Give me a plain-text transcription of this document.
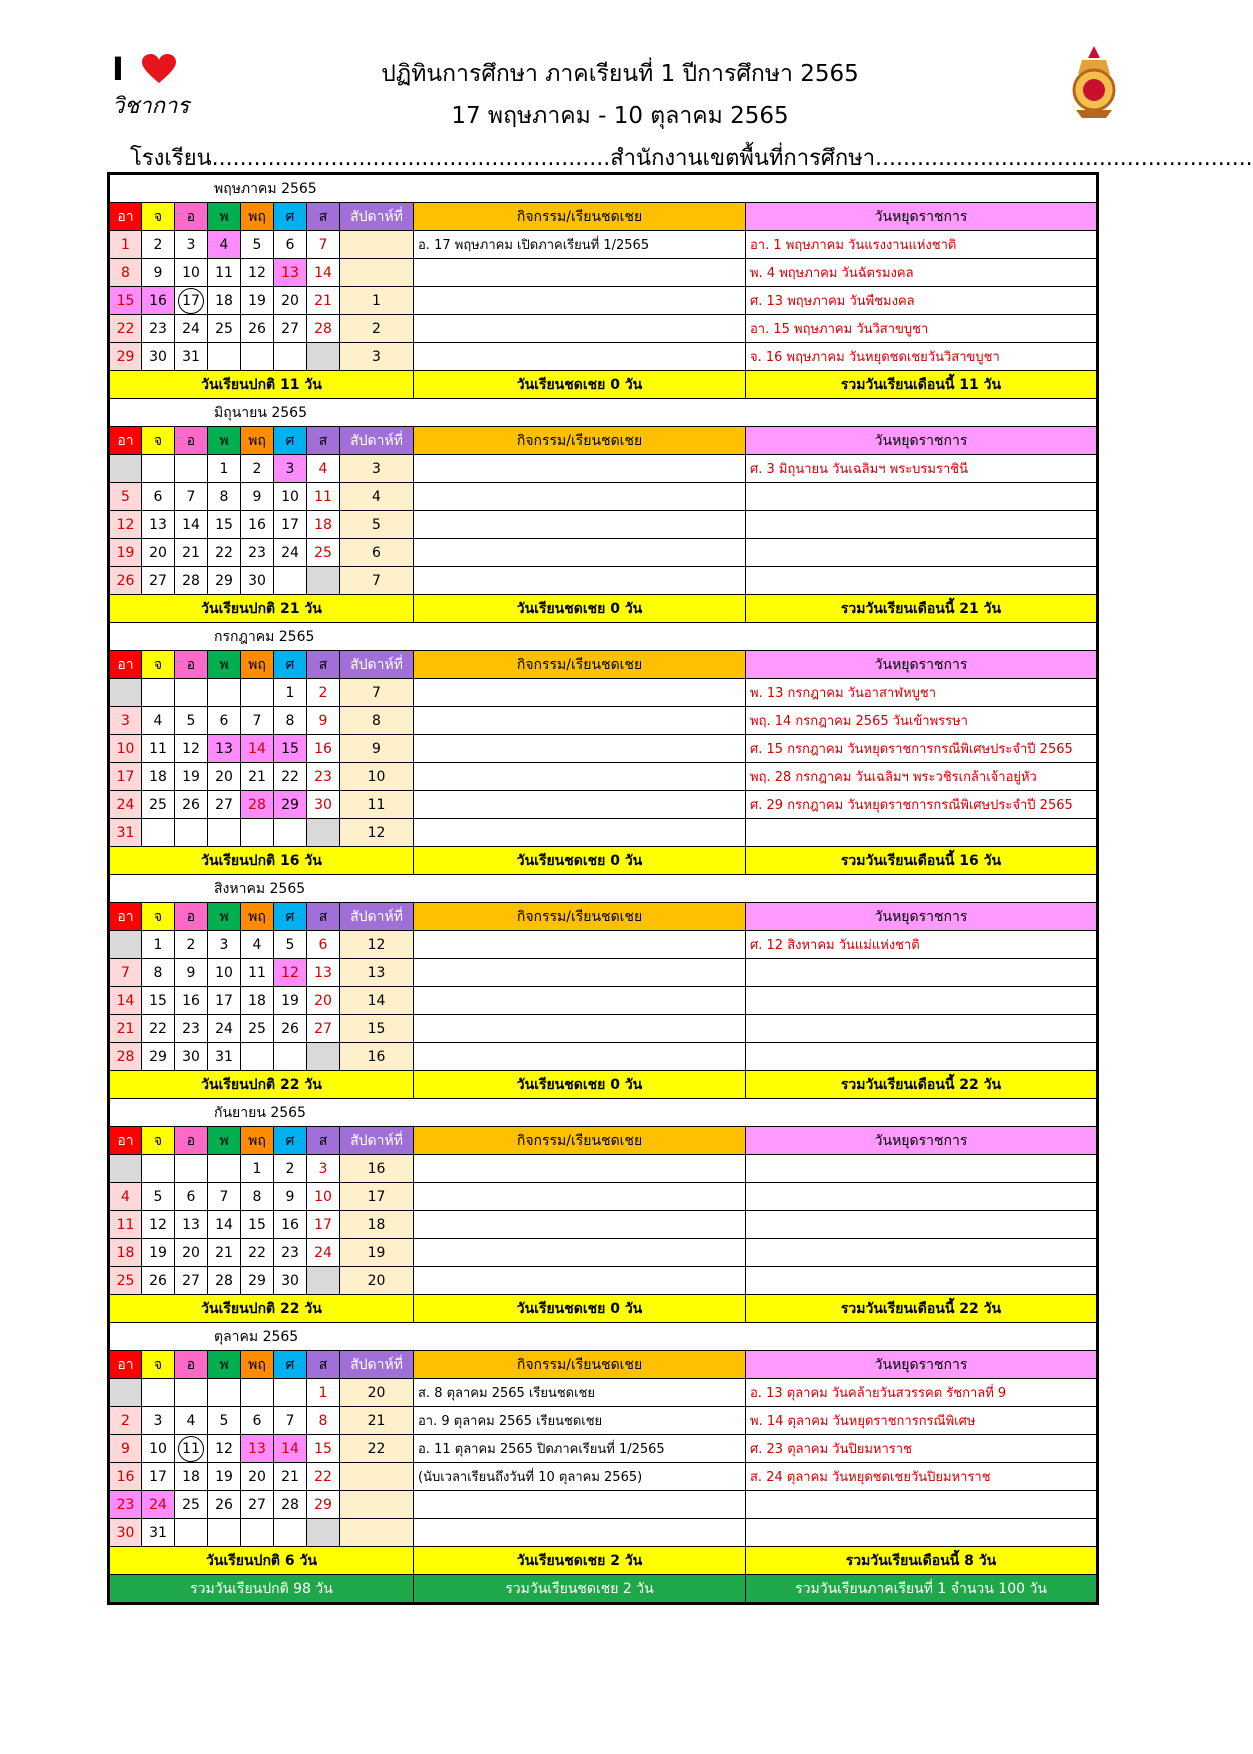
I
วิชาการ
ปฏิทินการศึกษา ภาคเรียนที่ 1 ปีการศึกษา 2565
17 พฤษภาคม - 10 ตุลาคม 2565
โรงเรียน.........................................................สำนักงานเขตพื้นที่การศึกษา......................................................
พฤษภาคม 2565									
อา	จ	อ	พ	พฤ	ศ	ส	สัปดาห์ที่	กิจกรรม/เรียนชดเชย	วันหยุดราชการ
1	2	3	4	5	6	7		อ. 17 พฤษภาคม เปิดภาคเรียนที่ 1/2565	อา. 1 พฤษภาคม วันแรงงานแห่งชาติ
8	9	10	11	12	13	14			พ. 4 พฤษภาคม วันฉัตรมงคล
15	16	17	18	19	20	21	1		ศ. 13 พฤษภาคม วันพืชมงคล
22	23	24	25	26	27	28	2		อา. 15 พฤษภาคม วันวิสาขบูชา
29	30	31					3		จ. 16 พฤษภาคม วันหยุดชดเชยวันวิสาขบูชา
วันเรียนปกติ 11 วัน								วันเรียนชดเชย 0 วัน	รวมวันเรียนเดือนนี้ 11 วัน
มิถุนายน 2565									
อา	จ	อ	พ	พฤ	ศ	ส	สัปดาห์ที่	กิจกรรม/เรียนชดเชย	วันหยุดราชการ
			1	2	3	4	3		ศ. 3 มิถุนายน วันเฉลิมฯ พระบรมราชินี
5	6	7	8	9	10	11	4		
12	13	14	15	16	17	18	5		
19	20	21	22	23	24	25	6		
26	27	28	29	30			7		
วันเรียนปกติ 21 วัน								วันเรียนชดเชย 0 วัน	รวมวันเรียนเดือนนี้ 21 วัน
กรกฎาคม 2565									
อา	จ	อ	พ	พฤ	ศ	ส	สัปดาห์ที่	กิจกรรม/เรียนชดเชย	วันหยุดราชการ
					1	2	7		พ. 13 กรกฎาคม วันอาสาฬหบูชา
3	4	5	6	7	8	9	8		พฤ. 14 กรกฎาคม 2565 วันเข้าพรรษา
10	11	12	13	14	15	16	9		ศ. 15 กรกฎาคม วันหยุดราชการกรณีพิเศษประจำปี 2565
17	18	19	20	21	22	23	10		พฤ. 28 กรกฎาคม วันเฉลิมฯ พระวชิรเกล้าเจ้าอยู่หัว
24	25	26	27	28	29	30	11		ศ. 29 กรกฎาคม วันหยุดราชการกรณีพิเศษประจำปี 2565
31							12		
วันเรียนปกติ 16 วัน								วันเรียนชดเชย 0 วัน	รวมวันเรียนเดือนนี้ 16 วัน
สิงหาคม 2565									
อา	จ	อ	พ	พฤ	ศ	ส	สัปดาห์ที่	กิจกรรม/เรียนชดเชย	วันหยุดราชการ
	1	2	3	4	5	6	12		ศ. 12 สิงหาคม วันแม่แห่งชาติ
7	8	9	10	11	12	13	13		
14	15	16	17	18	19	20	14		
21	22	23	24	25	26	27	15		
28	29	30	31				16		
วันเรียนปกติ 22 วัน								วันเรียนชดเชย 0 วัน	รวมวันเรียนเดือนนี้ 22 วัน
กันยายน 2565									
อา	จ	อ	พ	พฤ	ศ	ส	สัปดาห์ที่	กิจกรรม/เรียนชดเชย	วันหยุดราชการ
				1	2	3	16		
4	5	6	7	8	9	10	17		
11	12	13	14	15	16	17	18		
18	19	20	21	22	23	24	19		
25	26	27	28	29	30		20		
วันเรียนปกติ 22 วัน								วันเรียนชดเชย 0 วัน	รวมวันเรียนเดือนนี้ 22 วัน
ตุลาคม 2565									
อา	จ	อ	พ	พฤ	ศ	ส	สัปดาห์ที่	กิจกรรม/เรียนชดเชย	วันหยุดราชการ
						1	20	ส. 8 ตุลาคม 2565 เรียนชดเชย	อ. 13 ตุลาคม วันคล้ายวันสวรรคต รัชกาลที่ 9
2	3	4	5	6	7	8	21	อา. 9 ตุลาคม 2565 เรียนชดเชย	พ. 14 ตุลาคม วันหยุดราชการกรณีพิเศษ
9	10	11	12	13	14	15	22	อ. 11 ตุลาคม 2565 ปิดภาคเรียนที่ 1/2565	ศ. 23 ตุลาคม วันปิยมหาราช
16	17	18	19	20	21	22		(นับเวลาเรียนถึงวันที่ 10 ตุลาคม 2565)	ส. 24 ตุลาคม วันหยุดชดเชยวันปิยมหาราช
23	24	25	26	27	28	29			
30	31								
วันเรียนปกติ 6 วัน								วันเรียนชดเชย 2 วัน	รวมวันเรียนเดือนนี้ 8 วัน
รวมวันเรียนปกติ 98 วัน								รวมวันเรียนชดเชย 2 วัน	รวมวันเรียนภาคเรียนที่ 1 จำนวน 100 วัน
